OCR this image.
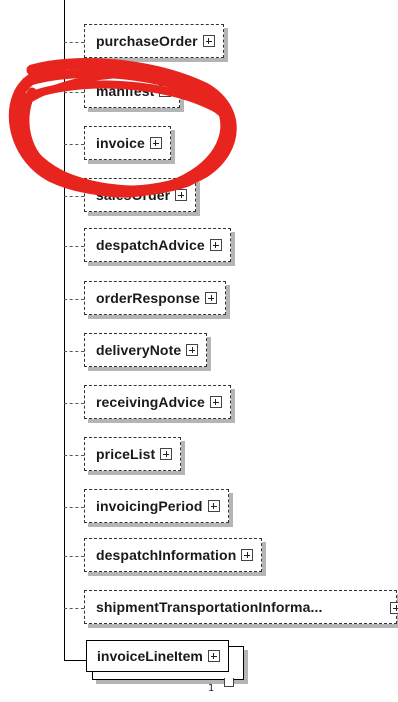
purchaseOrder
manifest
invoice
salesOrder
despatchAdvice
orderResponse
deliveryNote
receivingAdvice
priceList
invoicingPeriod
despatchInformation
shipmentTransportationInforma...
invoiceLineItem
1
